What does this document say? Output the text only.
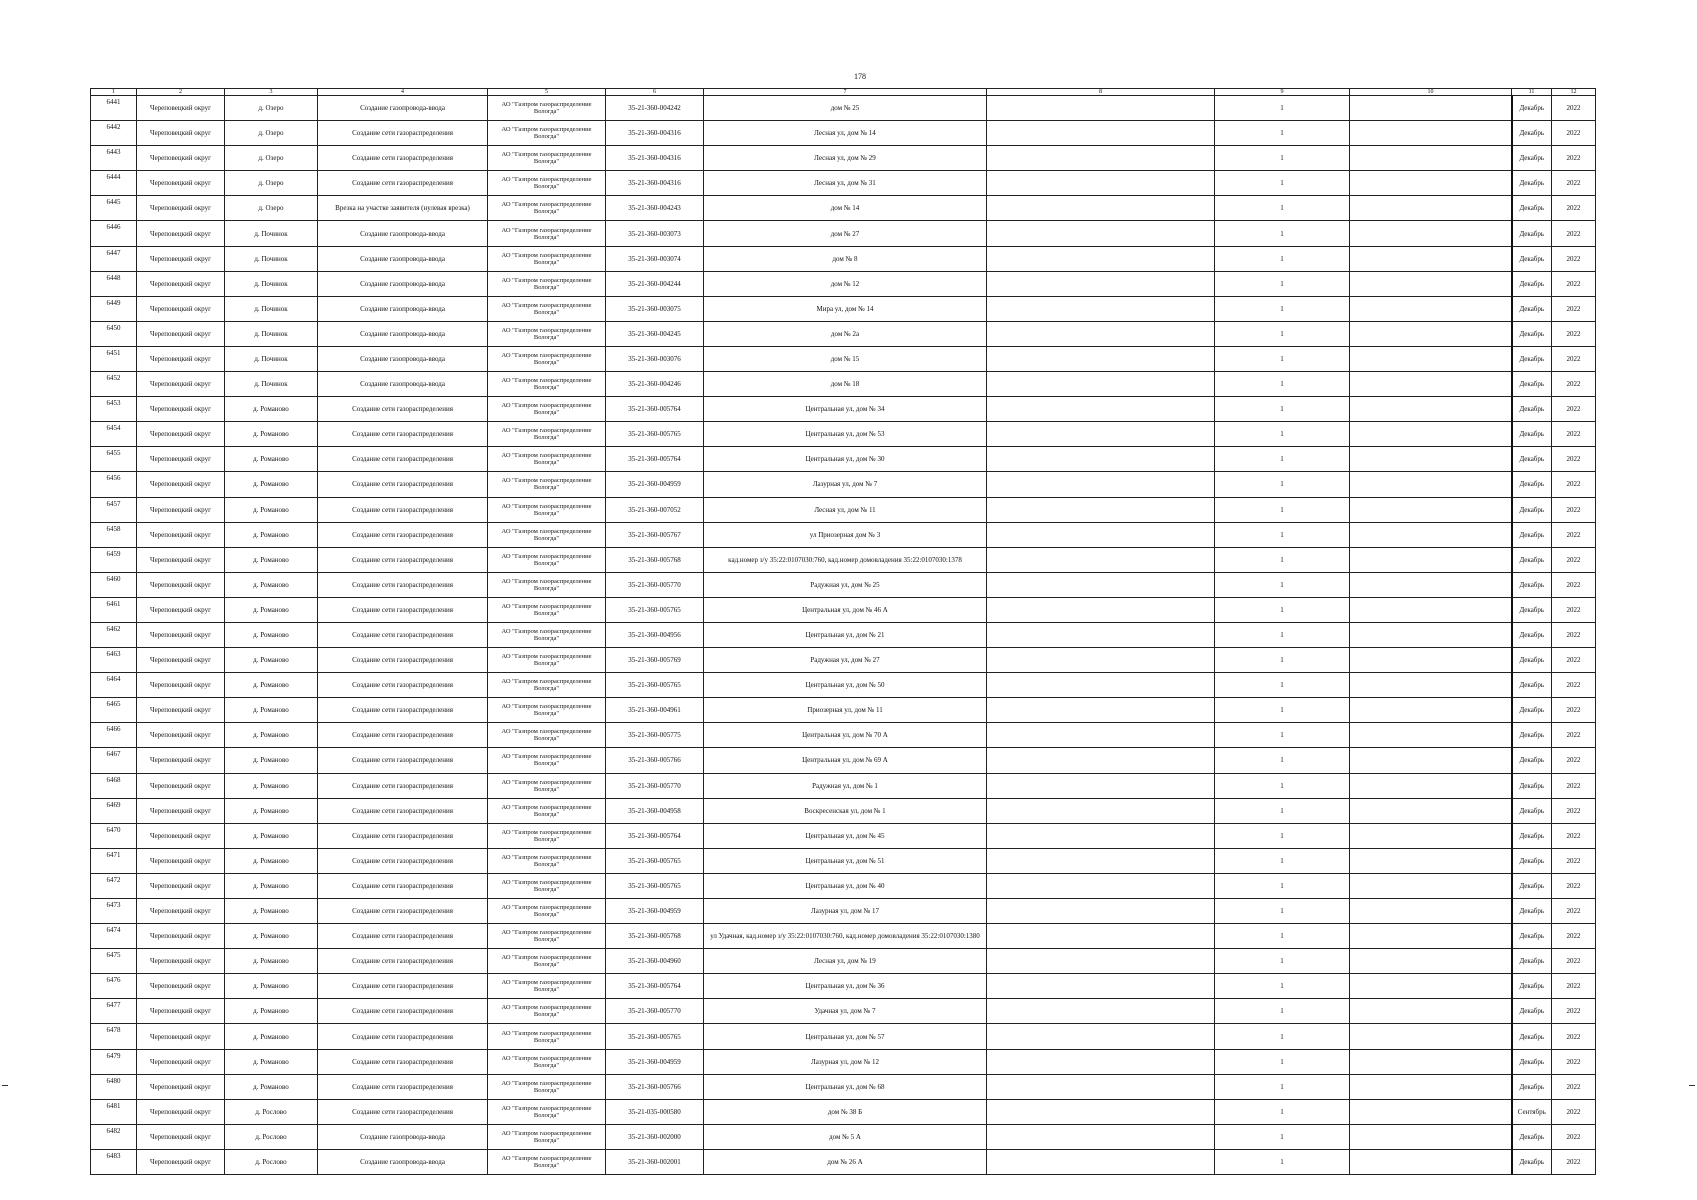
178
1	2	3	4	5	6	7	8	9	10	11	12
6441	Череповецкий округ	д. Озеро	Создание газопровода-ввода	АО "Газпром газораспределение Вологда"	35-21-360-004242	дом № 25		1		Декабрь	2022
6442	Череповецкий округ	д. Озеро	Создание сети газораспределения	АО "Газпром газораспределение Вологда"	35-21-360-004316	Лесная ул, дом № 14		1		Декабрь	2022
6443	Череповецкий округ	д. Озеро	Создание сети газораспределения	АО "Газпром газораспределение Вологда"	35-21-360-004316	Лесная ул, дом № 29		1		Декабрь	2022
6444	Череповецкий округ	д. Озеро	Создание сети газораспределения	АО "Газпром газораспределение Вологда"	35-21-360-004316	Лесная ул, дом № 31		1		Декабрь	2022
6445	Череповецкий округ	д. Озеро	Врезка на участке заявителя (нулевая врезка)	АО "Газпром газораспределение Вологда"	35-21-360-004243	дом № 14		1		Декабрь	2022
6446	Череповецкий округ	д. Починок	Создание газопровода-ввода	АО "Газпром газораспределение Вологда"	35-21-360-003073	дом № 27		1		Декабрь	2022
6447	Череповецкий округ	д. Починок	Создание газопровода-ввода	АО "Газпром газораспределение Вологда"	35-21-360-003074	дом № 8		1		Декабрь	2022
6448	Череповецкий округ	д. Починок	Создание газопровода-ввода	АО "Газпром газораспределение Вологда"	35-21-360-004244	дом № 12		1		Декабрь	2022
6449	Череповецкий округ	д. Починок	Создание газопровода-ввода	АО "Газпром газораспределение Вологда"	35-21-360-003075	Мира ул, дом № 14		1		Декабрь	2022
6450	Череповецкий округ	д. Починок	Создание газопровода-ввода	АО "Газпром газораспределение Вологда"	35-21-360-004245	дом № 2а		1		Декабрь	2022
6451	Череповецкий округ	д. Починок	Создание газопровода-ввода	АО "Газпром газораспределение Вологда"	35-21-360-003076	дом № 15		1		Декабрь	2022
6452	Череповецкий округ	д. Починок	Создание газопровода-ввода	АО "Газпром газораспределение Вологда"	35-21-360-004246	дом № 18		1		Декабрь	2022
6453	Череповецкий округ	д. Романово	Создание сети газораспределения	АО "Газпром газораспределение Вологда"	35-21-360-005764	Центральная ул, дом № 34		1		Декабрь	2022
6454	Череповецкий округ	д. Романово	Создание сети газораспределения	АО "Газпром газораспределение Вологда"	35-21-360-005765	Центральная ул, дом № 53		1		Декабрь	2022
6455	Череповецкий округ	д. Романово	Создание сети газораспределения	АО "Газпром газораспределение Вологда"	35-21-360-005764	Центральная ул, дом № 30		1		Декабрь	2022
6456	Череповецкий округ	д. Романово	Создание сети газораспределения	АО "Газпром газораспределение Вологда"	35-21-360-004959	Лазурная ул, дом № 7		1		Декабрь	2022
6457	Череповецкий округ	д. Романово	Создание сети газораспределения	АО "Газпром газораспределение Вологда"	35-21-360-007052	Лесная ул, дом № 11		1		Декабрь	2022
6458	Череповецкий округ	д. Романово	Создание сети газораспределения	АО "Газпром газораспределение Вологда"	35-21-360-005767	ул Приозерная дом № 3		1		Декабрь	2022
6459	Череповецкий округ	д. Романово	Создание сети газораспределения	АО "Газпром газораспределение Вологда"	35-21-360-005768	кад.номер з/у 35:22:0107030:760, кад.номер домовладения 35:22:0107030:1378		1		Декабрь	2022
6460	Череповецкий округ	д. Романово	Создание сети газораспределения	АО "Газпром газораспределение Вологда"	35-21-360-005770	Радужная ул, дом № 25		1		Декабрь	2022
6461	Череповецкий округ	д. Романово	Создание сети газораспределения	АО "Газпром газораспределение Вологда"	35-21-360-005765	Центральная ул, дом № 46 А		1		Декабрь	2022
6462	Череповецкий округ	д. Романово	Создание сети газораспределения	АО "Газпром газораспределение Вологда"	35-21-360-004956	Центральная ул, дом № 21		1		Декабрь	2022
6463	Череповецкий округ	д. Романово	Создание сети газораспределения	АО "Газпром газораспределение Вологда"	35-21-360-005769	Радужная ул, дом № 27		1		Декабрь	2022
6464	Череповецкий округ	д. Романово	Создание сети газораспределения	АО "Газпром газораспределение Вологда"	35-21-360-005765	Центральная ул, дом № 50		1		Декабрь	2022
6465	Череповецкий округ	д. Романово	Создание сети газораспределения	АО "Газпром газораспределение Вологда"	35-21-360-004961	Приозерная ул, дом № 11		1		Декабрь	2022
6466	Череповецкий округ	д. Романово	Создание сети газораспределения	АО "Газпром газораспределение Вологда"	35-21-360-005775	Центральная ул, дом № 70 А		1		Декабрь	2022
6467	Череповецкий округ	д. Романово	Создание сети газораспределения	АО "Газпром газораспределение Вологда"	35-21-360-005766	Центральная ул, дом № 69 А		1		Декабрь	2022
6468	Череповецкий округ	д. Романово	Создание сети газораспределения	АО "Газпром газораспределение Вологда"	35-21-360-005770	Радужная ул, дом № 1		1		Декабрь	2022
6469	Череповецкий округ	д. Романово	Создание сети газораспределения	АО "Газпром газораспределение Вологда"	35-21-360-004958	Воскресенская ул, дом № 1		1		Декабрь	2022
6470	Череповецкий округ	д. Романово	Создание сети газораспределения	АО "Газпром газораспределение Вологда"	35-21-360-005764	Центральная ул, дом № 45		1		Декабрь	2022
6471	Череповецкий округ	д. Романово	Создание сети газораспределения	АО "Газпром газораспределение Вологда"	35-21-360-005765	Центральная ул, дом № 51		1		Декабрь	2022
6472	Череповецкий округ	д. Романово	Создание сети газораспределения	АО "Газпром газораспределение Вологда"	35-21-360-005765	Центральная ул, дом № 40		1		Декабрь	2022
6473	Череповецкий округ	д. Романово	Создание сети газораспределения	АО "Газпром газораспределение Вологда"	35-21-360-004959	Лазурная ул, дом № 17		1		Декабрь	2022
6474	Череповецкий округ	д. Романово	Создание сети газораспределения	АО "Газпром газораспределение Вологда"	35-21-360-005768	ул Удачная, кад.номер з/у 35:22:0107030:760, кад.номер домовладения 35:22:0107030:1380		1		Декабрь	2022
6475	Череповецкий округ	д. Романово	Создание сети газораспределения	АО "Газпром газораспределение Вологда"	35-21-360-004960	Лесная ул, дом № 19		1		Декабрь	2022
6476	Череповецкий округ	д. Романово	Создание сети газораспределения	АО "Газпром газораспределение Вологда"	35-21-360-005764	Центральная ул, дом № 36		1		Декабрь	2022
6477	Череповецкий округ	д. Романово	Создание сети газораспределения	АО "Газпром газораспределение Вологда"	35-21-360-005770	Удачная ул, дом № 7		1		Декабрь	2022
6478	Череповецкий округ	д. Романово	Создание сети газораспределения	АО "Газпром газораспределение Вологда"	35-21-360-005765	Центральная ул, дом № 57		1		Декабрь	2022
6479	Череповецкий округ	д. Романово	Создание сети газораспределения	АО "Газпром газораспределение Вологда"	35-21-360-004959	Лазурная ул, дом № 12		1		Декабрь	2022
6480	Череповецкий округ	д. Романово	Создание сети газораспределения	АО "Газпром газораспределение Вологда"	35-21-360-005766	Центральная ул, дом № 68		1		Декабрь	2022
6481	Череповецкий округ	д. Рослово	Создание сети газораспределения	АО "Газпром газораспределение Вологда"	35-21-035-000580	дом № 38 Б		1		Сентябрь	2022
6482	Череповецкий округ	д. Рослово	Создание газопровода-ввода	АО "Газпром газораспределение Вологда"	35-21-360-002000	дом № 5 А		1		Декабрь	2022
6483	Череповецкий округ	д. Рослово	Создание газопровода-ввода	АО "Газпром газораспределение Вологда"	35-21-360-002001	дом № 26 А		1		Декабрь	2022
